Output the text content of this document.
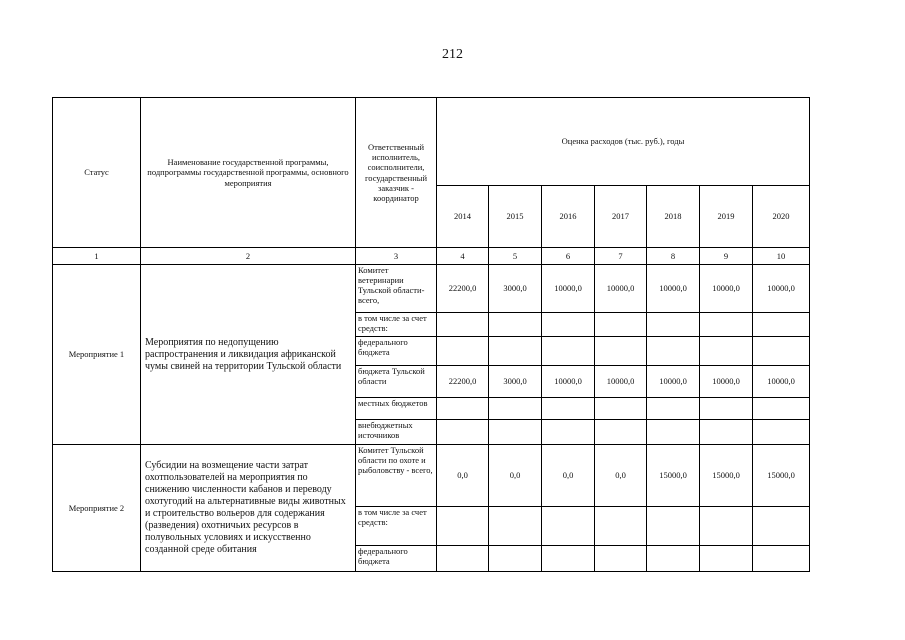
212
Статус	Наименование государственной программы, подпрограммы государственной программы, основного мероприятия	Ответственный исполнитель, соисполнители, государственный заказчик - координатор	Оценка расходов (тыс. руб.), годы						
			2014	2015	2016	2017	2018	2019	2020
1	2	3	4	5	6	7	8	9	10
Мероприятие 1	Мероприятия по недопущению распространения и ликвидация африканской чумы свиней на территории Тульской области	Комитет ветеринарии Тульской области- всего,	22200,0	3000,0	10000,0	10000,0	10000,0	10000,0	10000,0
		в том числе за счет средств:							
		федерального бюджета							
		бюджета Тульской области	22200,0	3000,0	10000,0	10000,0	10000,0	10000,0	10000,0
		местных бюджетов							
		внебюджетных источников							
Мероприятие 2	Субсидии на возмещение части затрат охотпользователей на мероприятия по снижению численности кабанов и переводу охотугодий на альтернативные виды животных и строительство вольеров для содержания (разведения) охотничьих ресурсов в полувольных условиях и искусственно созданной среде обитания	Комитет Тульской области по охоте и рыболовству - всего,	0,0	0,0	0,0	0,0	15000,0	15000,0	15000,0
		в том числе за счет средств:							
		федерального бюджета							
